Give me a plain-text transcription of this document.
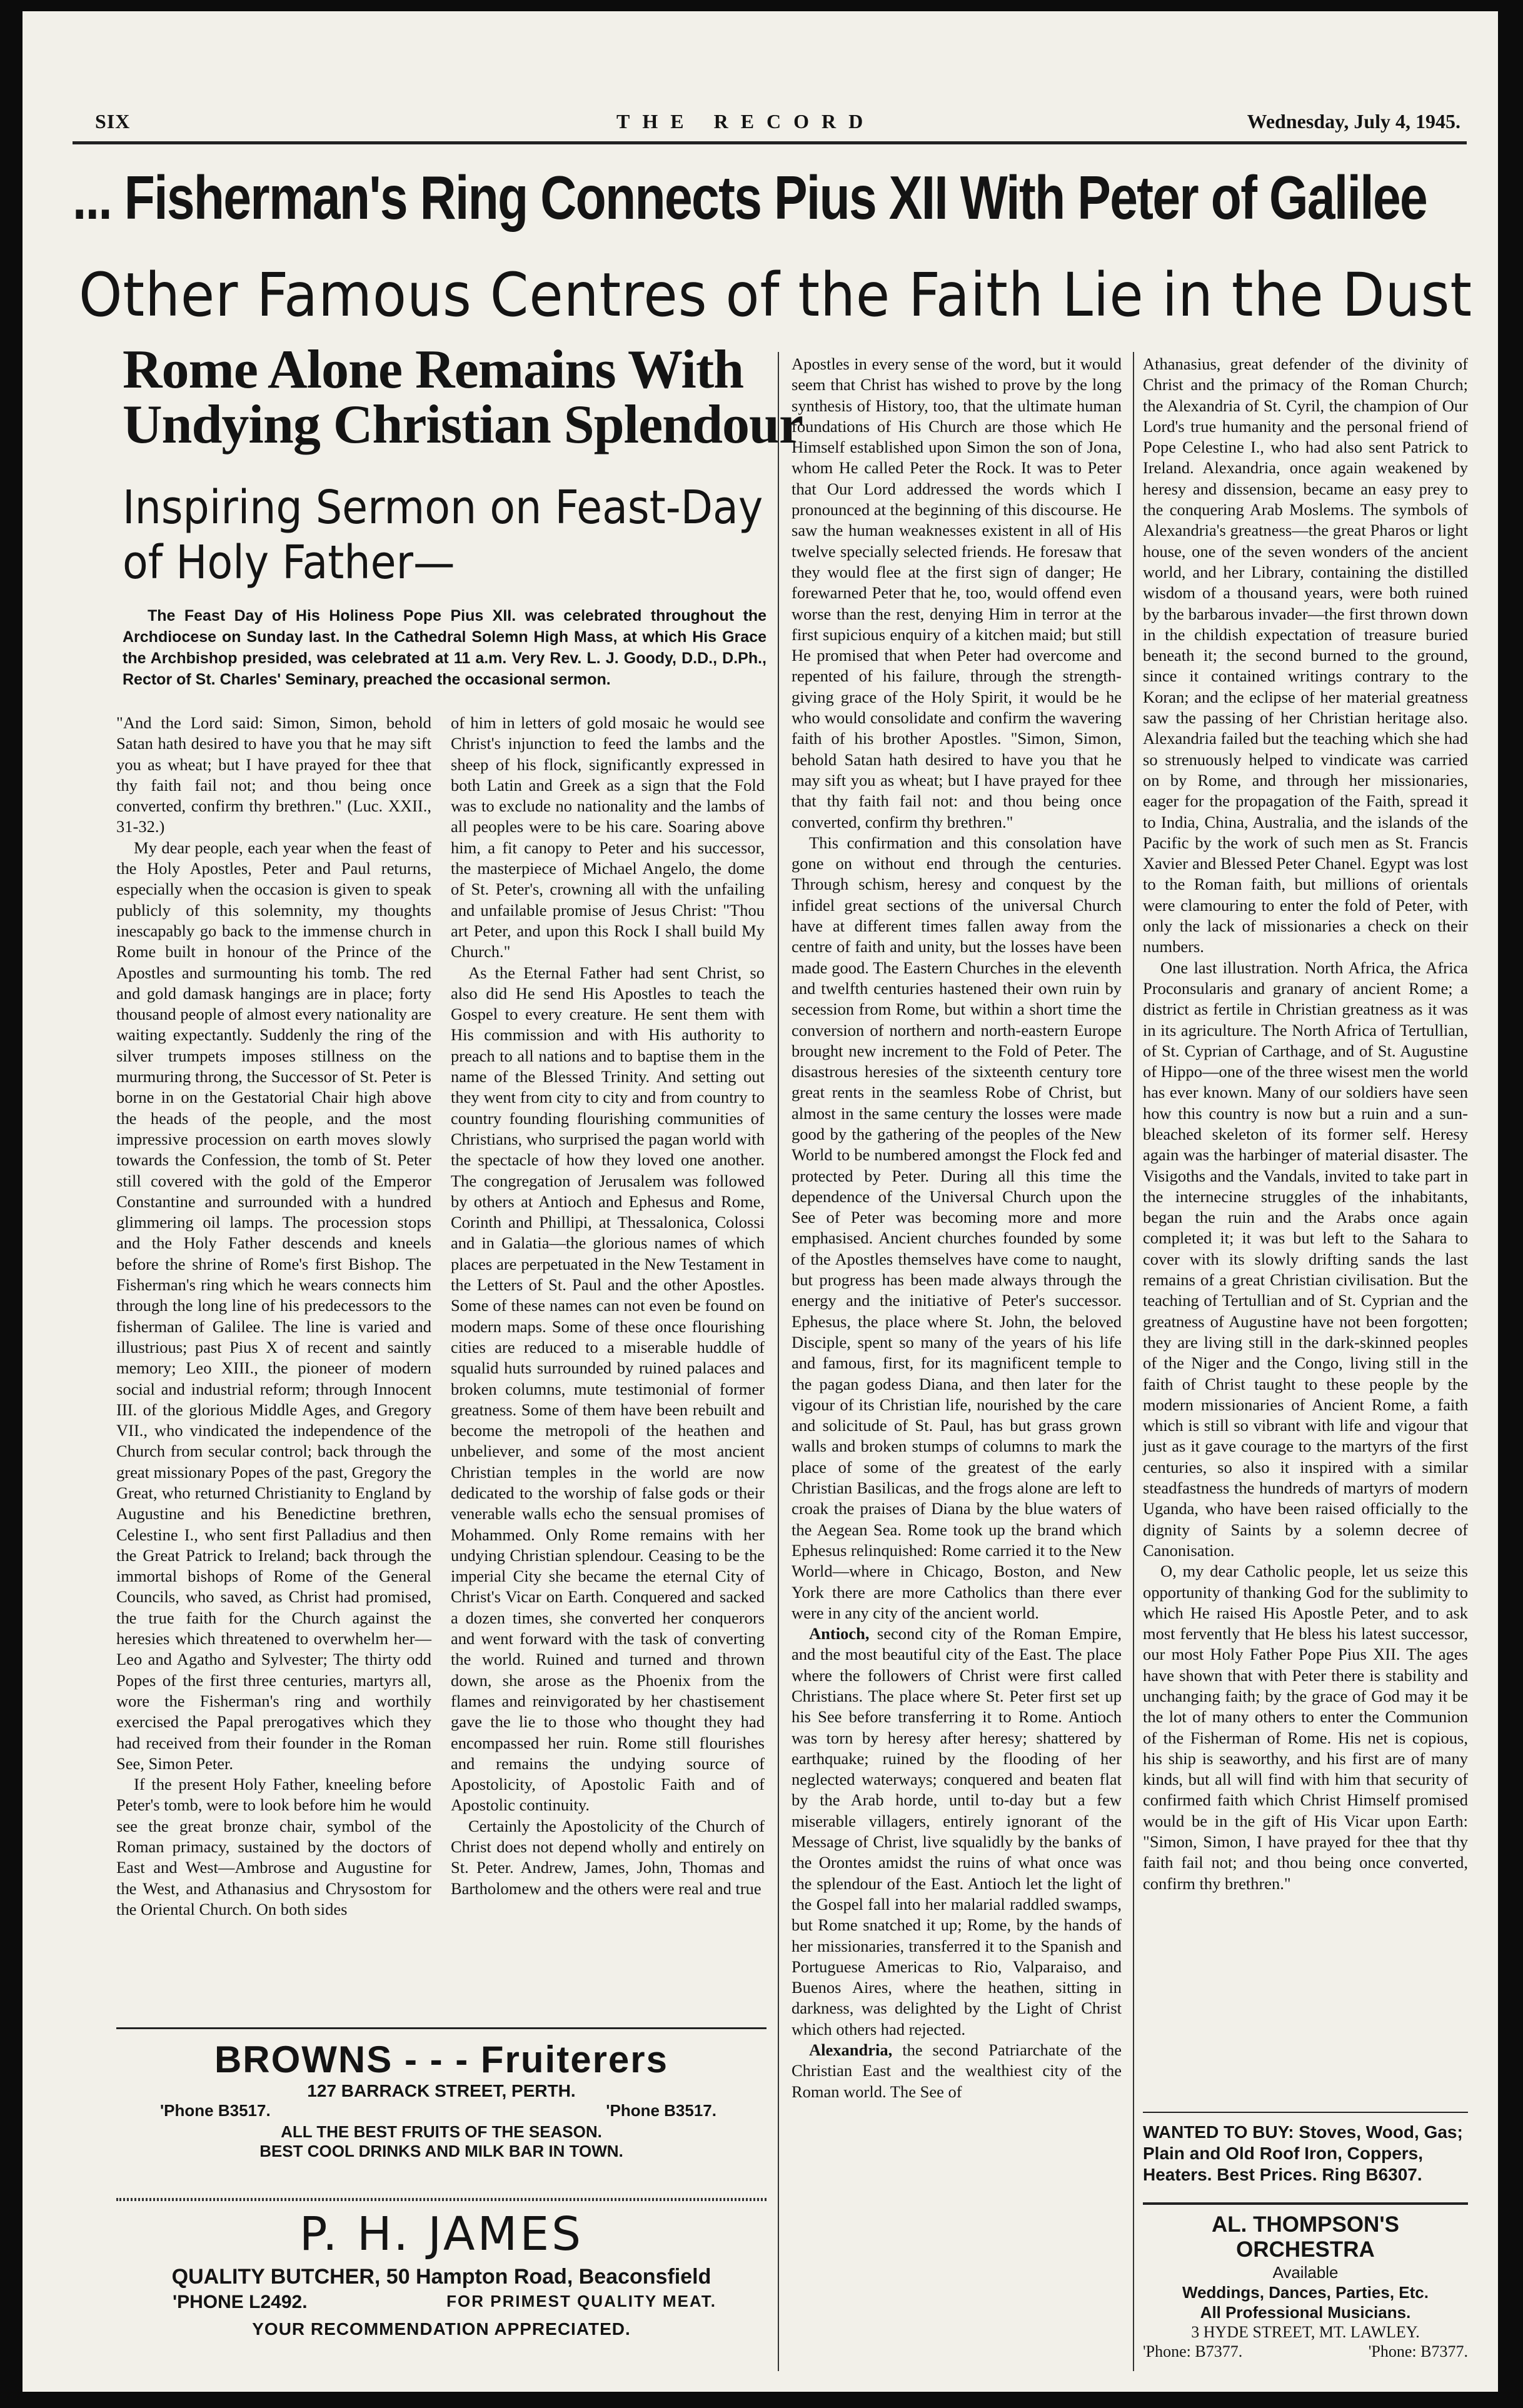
SIX	THE RECORD	Wednesday, July 4, 1945.
... Fisherman's Ring Connects Pius XII With Peter of Galilee
Other Famous Centres of the Faith Lie in the Dust
Rome Alone Remains With
Undying Christian Splendour
Inspiring Sermon on Feast-Day
of Holy Father—
The Feast Day of His Holiness Pope Pius XII. was celebrated throughout the Archdiocese on Sunday last. In the Cathedral Solemn High Mass, at which His Grace the Archbishop presided, was celebrated at 11 a.m. Very Rev. L. J. Goody, D.D., D.Ph., Rector of St. Charles' Seminary, preached the occasional sermon.

"And the Lord said: Simon, Simon, behold Satan hath desired to have you that he may sift you as wheat; but I have prayed for thee that thy faith fail not; and thou being once converted, confirm thy brethren." (Luc. XXII., 31-32.)

My dear people, each year when the feast of the Holy Apostles, Peter and Paul returns, especially when the occasion is given to speak publicly of this solemnity, my thoughts inescapably go back to the immense church in Rome built in honour of the Prince of the Apostles and surmounting his tomb. The red and gold damask hangings are in place; forty thousand people of almost every nationality are waiting expectantly. Suddenly the ring of the silver trumpets imposes stillness on the murmuring throng, the Successor of St. Peter is borne in on the Gestatorial Chair high above the heads of the people, and the most impressive procession on earth moves slowly towards the Confession, the tomb of St. Peter still covered with the gold of the Emperor Constantine and surrounded with a hundred glimmering oil lamps. The procession stops and the Holy Father descends and kneels before the shrine of Rome's first Bishop. The Fisherman's ring which he wears connects him through the long line of his predecessors to the fisherman of Galilee. The line is varied and illustrious; past Pius X of recent and saintly memory; Leo XIII., the pioneer of modern social and industrial reform; through Innocent III. of the glorious Middle Ages, and Gregory VII., who vindicated the independence of the Church from secular control; back through the great missionary Popes of the past, Gregory the Great, who returned Christianity to England by Augustine and his Benedictine brethren, Celestine I., who sent first Palladius and then the Great Patrick to Ireland; back through the immortal bishops of Rome of the General Councils, who saved, as Christ had promised, the true faith for the Church against the heresies which threatened to overwhelm her—Leo and Agatho and Sylvester; The thirty odd Popes of the first three centuries, martyrs all, wore the Fisherman's ring and worthily exercised the Papal prerogatives which they had received from their founder in the Roman See, Simon Peter.

If the present Holy Father, kneeling before Peter's tomb, were to look before him he would see the great bronze chair, symbol of the Roman primacy, sustained by the doctors of East and West—Ambrose and Augustine for the West, and Athanasius and Chrysostom for the Oriental Church. On both sides

of him in letters of gold mosaic he would see Christ's injunction to feed the lambs and the sheep of his flock, significantly expressed in both Latin and Greek as a sign that the Fold was to exclude no nationality and the lambs of all peoples were to be his care. Soaring above him, a fit canopy to Peter and his successor, the masterpiece of Michael Angelo, the dome of St. Peter's, crowning all with the unfailing and unfailable promise of Jesus Christ: "Thou art Peter, and upon this Rock I shall build My Church."

As the Eternal Father had sent Christ, so also did He send His Apostles to teach the Gospel to every creature. He sent them with His commission and with His authority to preach to all nations and to baptise them in the name of the Blessed Trinity. And setting out they went from city to city and from country to country founding flourishing communities of Christians, who surprised the pagan world with the spectacle of how they loved one another. The congregation of Jerusalem was followed by others at Antioch and Ephesus and Rome, Corinth and Phillipi, at Thessalonica, Colossi and in Galatia—the glorious names of which places are perpetuated in the New Testament in the Letters of St. Paul and the other Apostles. Some of these names can not even be found on modern maps. Some of these once flourishing cities are reduced to a miserable huddle of squalid huts surrounded by ruined palaces and broken columns, mute testimonial of former greatness. Some of them have been rebuilt and become the metropoli of the heathen and unbeliever, and some of the most ancient Christian temples in the world are now dedicated to the worship of false gods or their venerable walls echo the sensual promises of Mohammed. Only Rome remains with her undying Christian splendour. Ceasing to be the imperial City she became the eternal City of Christ's Vicar on Earth. Conquered and sacked a dozen times, she converted her conquerors and went forward with the task of converting the world. Ruined and turned and thrown down, she arose as the Phoenix from the flames and reinvigorated by her chastisement gave the lie to those who thought they had encompassed her ruin. Rome still flourishes and remains the undying source of Apostolicity, of Apostolic Faith and of Apostolic continuity.

Certainly the Apostolicity of the Church of Christ does not depend wholly and entirely on St. Peter. Andrew, James, John, Thomas and Bartholomew and the others were real and true

Apostles in every sense of the word, but it would seem that Christ has wished to prove by the long synthesis of History, too, that the ultimate human foundations of His Church are those which He Himself established upon Simon the son of Jona, whom He called Peter the Rock. It was to Peter that Our Lord addressed the words which I pronounced at the beginning of this discourse. He saw the human weaknesses existent in all of His twelve specially selected friends. He foresaw that they would flee at the first sign of danger; He forewarned Peter that he, too, would offend even worse than the rest, denying Him in terror at the first supicious enquiry of a kitchen maid; but still He promised that when Peter had overcome and repented of his failure, through the strength-giving grace of the Holy Spirit, it would be he who would consolidate and confirm the wavering faith of his brother Apostles. "Simon, Simon, behold Satan hath desired to have you that he may sift you as wheat; but I have prayed for thee that thy faith fail not: and thou being once converted, confirm thy brethren."

This confirmation and this consolation have gone on without end through the centuries. Through schism, heresy and conquest by the infidel great sections of the universal Church have at different times fallen away from the centre of faith and unity, but the losses have been made good. The Eastern Churches in the eleventh and twelfth centuries hastened their own ruin by secession from Rome, but within a short time the conversion of northern and north-eastern Europe brought new increment to the Fold of Peter. The disastrous heresies of the sixteenth century tore great rents in the seamless Robe of Christ, but almost in the same century the losses were made good by the gathering of the peoples of the New World to be numbered amongst the Flock fed and protected by Peter. During all this time the dependence of the Universal Church upon the See of Peter was becoming more and more emphasised. Ancient churches founded by some of the Apostles themselves have come to naught, but progress has been made always through the energy and the initiative of Peter's successor. Ephesus, the place where St. John, the beloved Disciple, spent so many of the years of his life and famous, first, for its magnificent temple to the pagan godess Diana, and then later for the vigour of its Christian life, nourished by the care and solicitude of St. Paul, has but grass grown walls and broken stumps of columns to mark the place of some of the greatest of the early Christian Basilicas, and the frogs alone are left to croak the praises of Diana by the blue waters of the Aegean Sea. Rome took up the brand which Ephesus relinquished: Rome carried it to the New World—where in Chicago, Boston, and New York there are more Catholics than there ever were in any city of the ancient world.

Antioch, second city of the Roman Empire, and the most beautiful city of the East. The place where the followers of Christ were first called Christians. The place where St. Peter first set up his See before transferring it to Rome. Antioch was torn by heresy after heresy; shattered by earthquake; ruined by the flooding of her neglected waterways; conquered and beaten flat by the Arab horde, until to-day but a few miserable villagers, entirely ignorant of the Message of Christ, live squalidly by the banks of the Orontes amidst the ruins of what once was the splendour of the East. Antioch let the light of the Gospel fall into her malarial raddled swamps, but Rome snatched it up; Rome, by the hands of her missionaries, transferred it to the Spanish and Portuguese Americas to Rio, Valparaiso, and Buenos Aires, where the heathen, sitting in darkness, was delighted by the Light of Christ which others had rejected.

Alexandria, the second Patriarchate of the Christian East and the wealthiest city of the Roman world. The See of

Athanasius, great defender of the divinity of Christ and the primacy of the Roman Church; the Alexandria of St. Cyril, the champion of Our Lord's true humanity and the personal friend of Pope Celestine I., who had also sent Patrick to Ireland. Alexandria, once again weakened by heresy and dissension, became an easy prey to the conquering Arab Moslems. The symbols of Alexandria's greatness—the great Pharos or light house, one of the seven wonders of the ancient world, and her Library, containing the distilled wisdom of a thousand years, were both ruined by the barbarous invader—the first thrown down in the childish expectation of treasure buried beneath it; the second burned to the ground, since it contained writings contrary to the Koran; and the eclipse of her material greatness saw the passing of her Christian heritage also. Alexandria failed but the teaching which she had so strenuously helped to vindicate was carried on by Rome, and through her missionaries, eager for the propagation of the Faith, spread it to India, China, Australia, and the islands of the Pacific by the work of such men as St. Francis Xavier and Blessed Peter Chanel. Egypt was lost to the Roman faith, but millions of orientals were clamouring to enter the fold of Peter, with only the lack of missionaries a check on their numbers.

One last illustration. North Africa, the Africa Proconsularis and granary of ancient Rome; a district as fertile in Christian greatness as it was in its agriculture. The North Africa of Tertullian, of St. Cyprian of Carthage, and of St. Augustine of Hippo—one of the three wisest men the world has ever known. Many of our soldiers have seen how this country is now but a ruin and a sun-bleached skeleton of its former self. Heresy again was the harbinger of material disaster. The Visigoths and the Vandals, invited to take part in the internecine struggles of the inhabitants, began the ruin and the Arabs once again completed it; it was but left to the Sahara to cover with its slowly drifting sands the last remains of a great Christian civilisation. But the teaching of Tertullian and of St. Cyprian and the greatness of Augustine have not been forgotten; they are living still in the dark-skinned peoples of the Niger and the Congo, living still in the faith of Christ taught to these people by the modern missionaries of Ancient Rome, a faith which is still so vibrant with life and vigour that just as it gave courage to the martyrs of the first centuries, so also it inspired with a similar steadfastness the hundreds of martyrs of modern Uganda, who have been raised officially to the dignity of Saints by a solemn decree of Canonisation.

O, my dear Catholic people, let us seize this opportunity of thanking God for the sublimity to which He raised His Apostle Peter, and to ask most fervently that He bless his latest successor, our most Holy Father Pope Pius XII. The ages have shown that with Peter there is stability and unchanging faith; by the grace of God may it be the lot of many others to enter the Communion of the Fisherman of Rome. His net is copious, his ship is seaworthy, and his first are of many kinds, but all will find with him that security of confirmed faith which Christ Himself promised would be in the gift of His Vicar upon Earth: "Simon, Simon, I have prayed for thee that thy faith fail not; and thou being once converted, confirm thy brethren."

BROWNS - - - Fruiterers
127 BARRACK STREET, PERTH.
'Phone B3517.	'Phone B3517.
ALL THE BEST FRUITS OF THE SEASON.
BEST COOL DRINKS AND MILK BAR IN TOWN.
P. H. JAMES
QUALITY BUTCHER, 50 Hampton Road, Beaconsfield
'PHONE L2492.	FOR PRIMEST QUALITY MEAT.
YOUR RECOMMENDATION APPRECIATED.
WANTED TO BUY: Stoves, Wood, Gas; Plain and Old Roof Iron, Coppers, Heaters. Best Prices. Ring B6307.
AL. THOMPSON'S ORCHESTRA
Available
Weddings, Dances, Parties, Etc.
All Professional Musicians.
3 HYDE STREET, MT. LAWLEY.
'Phone: B7377.	'Phone: B7377.
